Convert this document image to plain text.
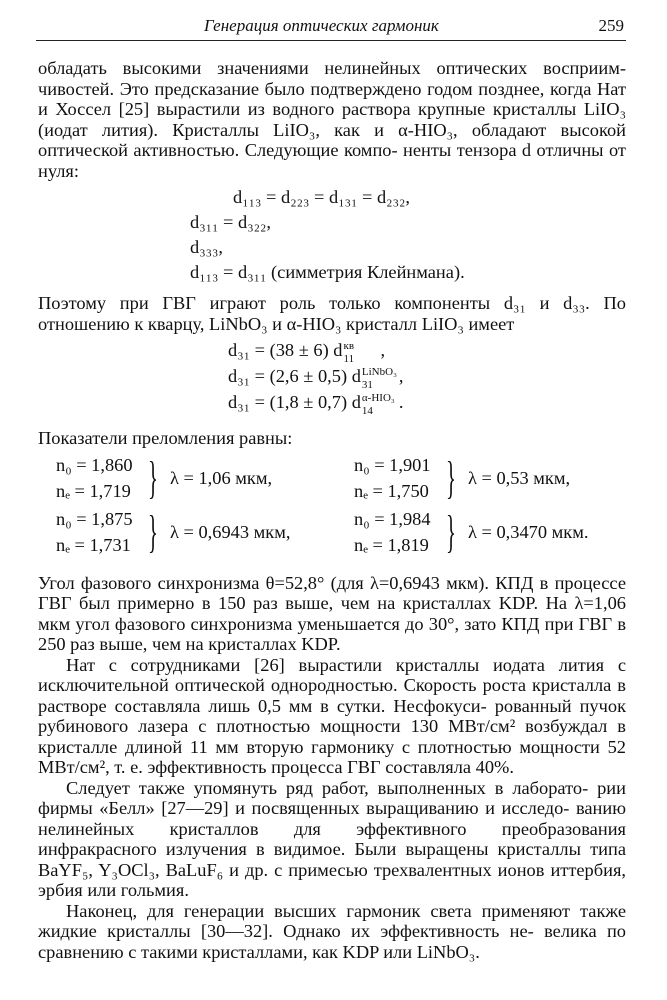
Генерация оптических гармоник	259

обладать высокими значениями нелинейных оптических восприим- чивостей. Это предсказание было подтверждено годом позднее, когда Нат и Хоссел [25] вырастили из водного раствора крупные кристаллы LiIO₃ (иодат лития). Кристаллы LiIO₃, как и α-HIO₃, обладают высокой оптической активностью. Следующие компо- ненты тензора d отличны от нуля:

d₁₁₃ = d₂₂₃ = d₁₃₁ = d₂₃₂,
d₃₁₁ = d₃₂₂,
d₃₃₃,
d₁₁₃ = d₃₁₁ (симметрия Клейнмана).

Поэтому при ГВГ играют роль только компоненты d₃₁ и d₃₃. По отношению к кварцу, LiNbO₃ и α-HIO₃ кристалл LiIO₃ имеет

d₃₁ = (38 ± 6) d кв
11 ,
d₃₁ = (2,6 ± 0,5) d LiNbO₃
31 ,
d₃₁ = (1,8 ± 0,7) d α-HIO₃
14 .

Показатели преломления равны:

n₀ = 1,860
nₑ = 1,719 } λ = 1,06 мкм,
n₀ = 1,901
nₑ = 1,750 } λ = 0,53 мкм,
n₀ = 1,875
nₑ = 1,731 } λ = 0,6943 мкм,
n₀ = 1,984
nₑ = 1,819 } λ = 0,3470 мкм.

Угол фазового синхронизма θ=52,8° (для λ=0,6943 мкм). КПД в процессе ГВГ был примерно в 150 раз выше, чем на кристаллах KDP. На λ=1,06 мкм угол фазового синхронизма уменьшается до 30°, зато КПД при ГВГ в 250 раз выше, чем на кристаллах KDP.

Нат с сотрудниками [26] вырастили кристаллы иодата лития с исключительной оптической однородностью. Скорость роста кристалла в растворе составляла лишь 0,5 мм в сутки. Несфокуси- рованный пучок рубинового лазера с плотностью мощности 130 МВт/см² возбуждал в кристалле длиной 11 мм вторую гармонику с плотностью мощности 52 МВт/см², т. е. эффективность процесса ГВГ составляла 40%.

Следует также упомянуть ряд работ, выполненных в лаборато- рии фирмы «Белл» [27—29] и посвященных выращиванию и исследо- ванию нелинейных кристаллов для эффективного преобразования инфракрасного излучения в видимое. Были выращены кристаллы типа BaYF₅, Y₃OCl₃, BaLuF₆ и др. с примесью трехвалентных ионов иттербия, эрбия или гольмия.

Наконец, для генерации высших гармоник света применяют также жидкие кристаллы [30—32]. Однако их эффективность не- велика по сравнению с такими кристаллами, как KDP или LiNbO₃.
